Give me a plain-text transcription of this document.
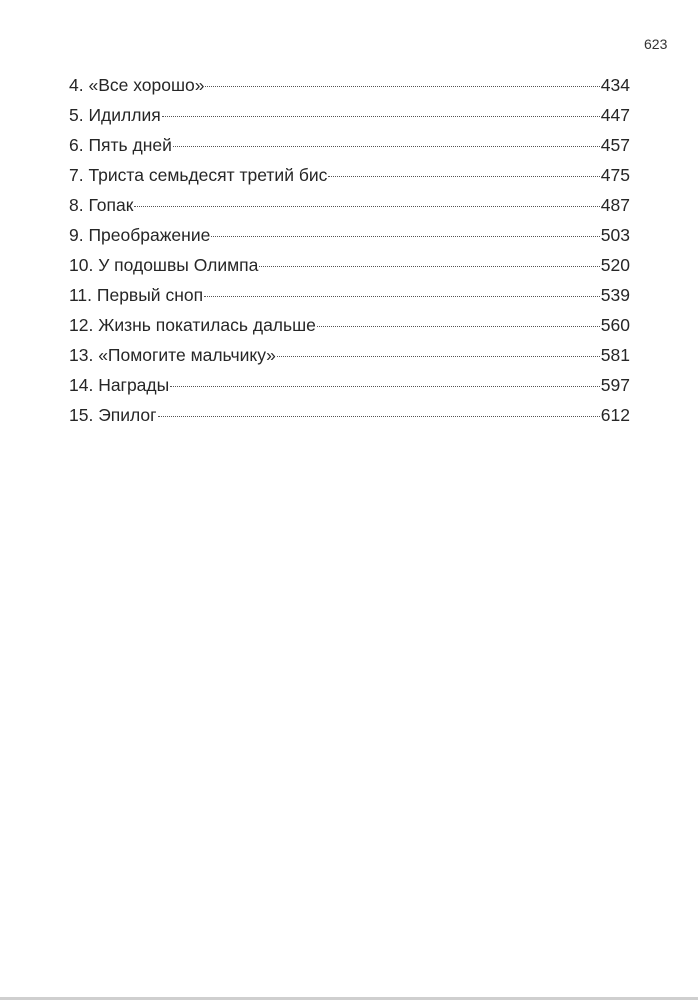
623
4. «Все хорошо»	434
5. Идиллия	447
6. Пять дней	457
7. Триста семьдесят третий бис	475
8. Гопак	487
9. Преображение	503
10. У подошвы Олимпа	520
11. Первый сноп	539
12. Жизнь покатилась дальше	560
13. «Помогите мальчику»	581
14. Награды	597
15. Эпилог	612
